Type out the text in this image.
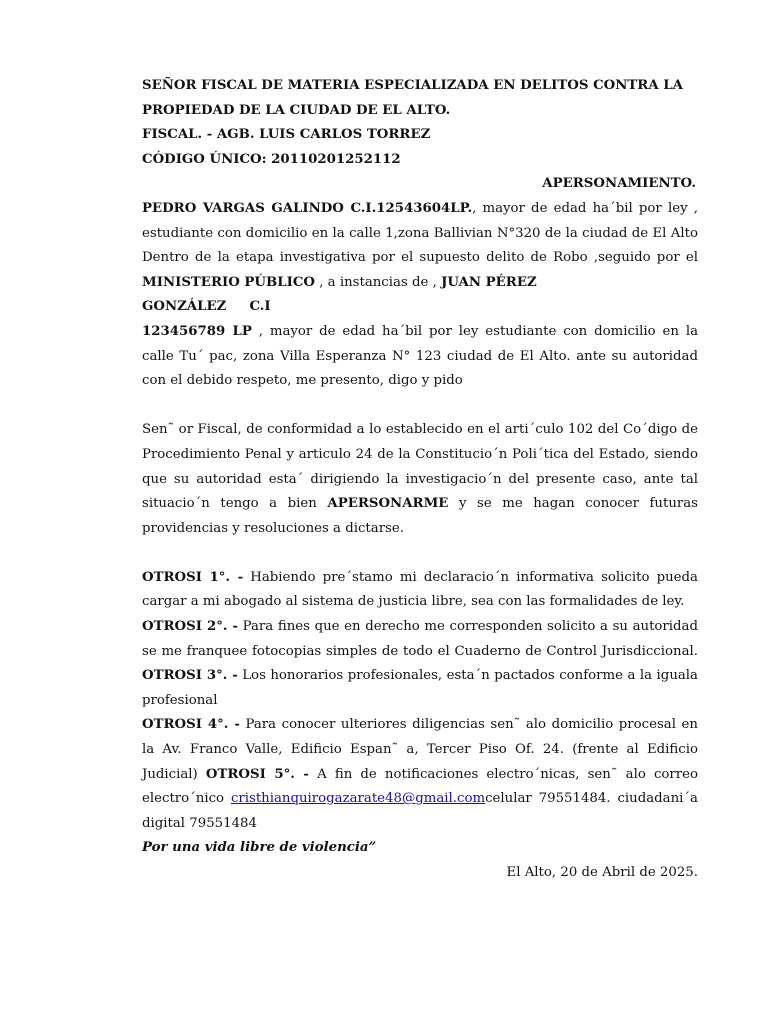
SEÑOR FISCAL DE MATERIA ESPECIALIZADA EN DELITOS CONTRA LA

PROPIEDAD DE LA CIUDAD DE EL ALTO.

FISCAL. - AGB. LUIS CARLOS TORREZ

CÓDIGO ÚNICO: 20110201252112

APERSONAMIENTO.

PEDRO VARGAS GALINDO C.I.12543604LP., mayor de edad ha´bil por ley , estudiante con domicilio en la calle 1,zona Ballivian N°320 de la ciudad de El Alto Dentro de la etapa investigativa por el supuesto delito de Robo ,seguido por el MINISTERIO PÚBLICO , a instancias de , JUAN PÉREZ

GONZÁLEZ     C.I

123456789 LP , mayor de edad ha´bil por ley estudiante con domicilio en la calle Tu´ pac, zona Villa Esperanza N° 123 ciudad de El Alto. ante su autoridad con el debido respeto, me presento, digo y pido

Sen˜ or Fiscal, de conformidad a lo establecido en el arti´culo 102 del Co´digo de Procedimiento Penal y articulo 24 de la Constitucio´n Poli´tica del Estado, siendo que su autoridad esta´ dirigiendo la investigacio´n del presente caso, ante tal situacio´n tengo a bien APERSONARME y se me hagan conocer futuras providencias y resoluciones a dictarse.

OTROSI 1°. - Habiendo pre´stamo mi declaracio´n informativa solicito pueda cargar a mi abogado al sistema de justicia libre, sea con las formalidades de ley.

OTROSI 2°. - Para fines que en derecho me corresponden solicito a su autoridad se me franquee fotocopias simples de todo el Cuaderno de Control Jurisdiccional. OTROSI 3°. - Los honorarios profesionales, esta´n pactados conforme a la iguala profesional

OTROSI 4°. - Para conocer ulteriores diligencias sen˜ alo domicilio procesal en la Av. Franco Valle, Edificio Espan˜ a, Tercer Piso Of. 24. (frente al Edificio Judicial) OTROSI 5°. - A fin de notificaciones electro´nicas, sen˜ alo correo electro´nico cristhianquirogazarate48@gmail.comcelular 79551484. ciudadani´a digital 79551484

Por una vida libre de violencia”

El Alto, 20 de Abril de 2025.
